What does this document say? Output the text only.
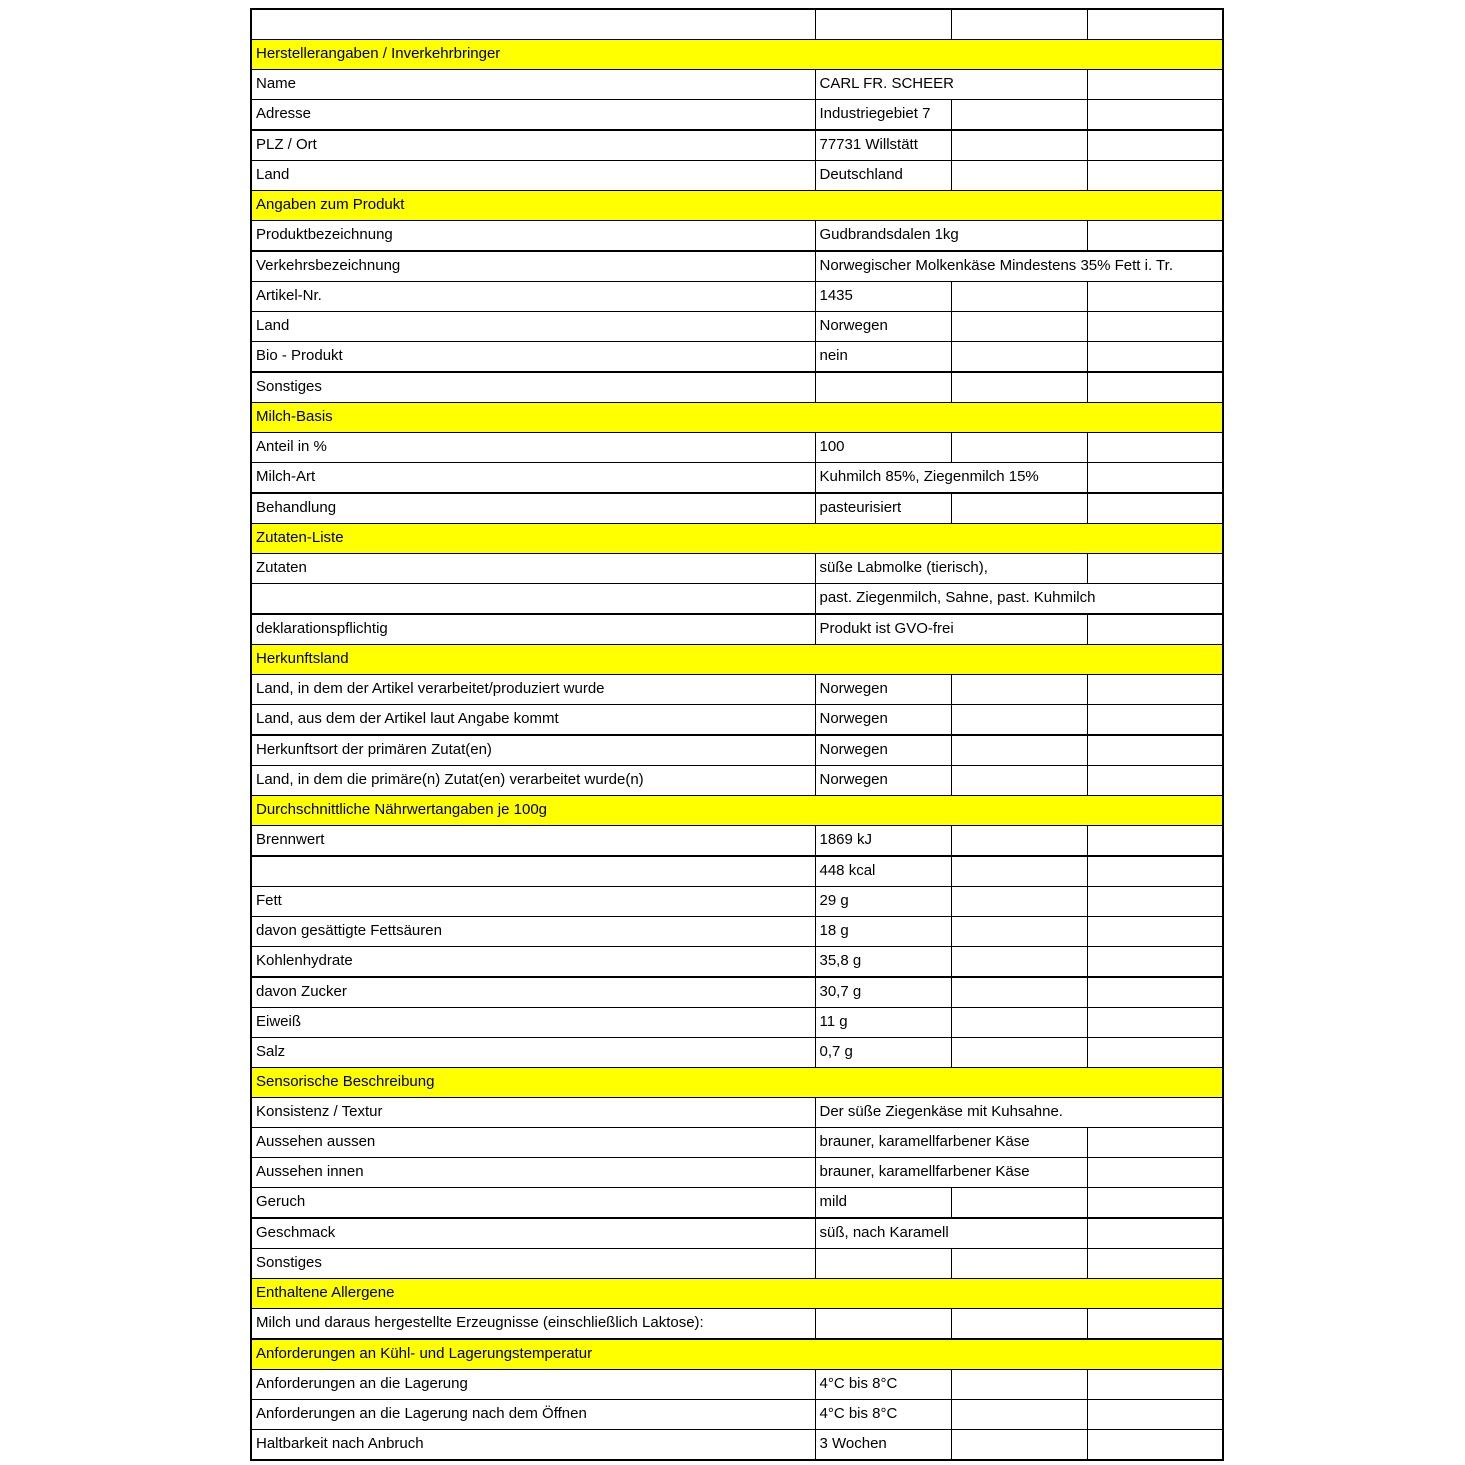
Herstellerangaben / Inverkehrbringer			
Name	CARL FR. SCHEER		
Adresse	Industriegebiet 7		
PLZ / Ort	77731 Willstätt		
Land	Deutschland		
Angaben zum Produkt			
Produktbezeichnung	Gudbrandsdalen 1kg		
Verkehrsbezeichnung	Norwegischer Molkenkäse Mindestens 35% Fett i. Tr.		
Artikel-Nr.	1435		
Land	Norwegen		
Bio - Produkt	nein		
Sonstiges			
Milch-Basis			
Anteil in %	100		
Milch-Art	Kuhmilch 85%, Ziegenmilch 15%		
Behandlung	pasteurisiert		
Zutaten-Liste			
Zutaten	süße Labmolke (tierisch),		
	past. Ziegenmilch, Sahne, past. Kuhmilch		
deklarationspflichtig	Produkt ist GVO-frei		
Herkunftsland			
Land, in dem der Artikel verarbeitet/produziert wurde	Norwegen		
Land, aus dem der Artikel laut Angabe kommt	Norwegen		
Herkunftsort der primären Zutat(en)	Norwegen		
Land, in dem die primäre(n) Zutat(en) verarbeitet wurde(n)	Norwegen		
Durchschnittliche Nährwertangaben je 100g			
Brennwert	1869 kJ		
	448 kcal		
Fett	29 g		
davon gesättigte Fettsäuren	18 g		
Kohlenhydrate	35,8 g		
davon Zucker	30,7 g		
Eiweiß	11 g		
Salz	0,7 g		
Sensorische Beschreibung			
Konsistenz / Textur	Der süße Ziegenkäse mit Kuhsahne.		
Aussehen aussen	brauner, karamellfarbener Käse		
Aussehen innen	brauner, karamellfarbener Käse		
Geruch	mild		
Geschmack	süß, nach Karamell		
Sonstiges			
Enthaltene Allergene			
Milch und daraus hergestellte Erzeugnisse (einschließlich Laktose):			
Anforderungen an Kühl- und Lagerungstemperatur			
Anforderungen an die Lagerung	4°C bis 8°C		
Anforderungen an die Lagerung nach dem Öffnen	4°C bis 8°C		
Haltbarkeit nach Anbruch	3 Wochen		
